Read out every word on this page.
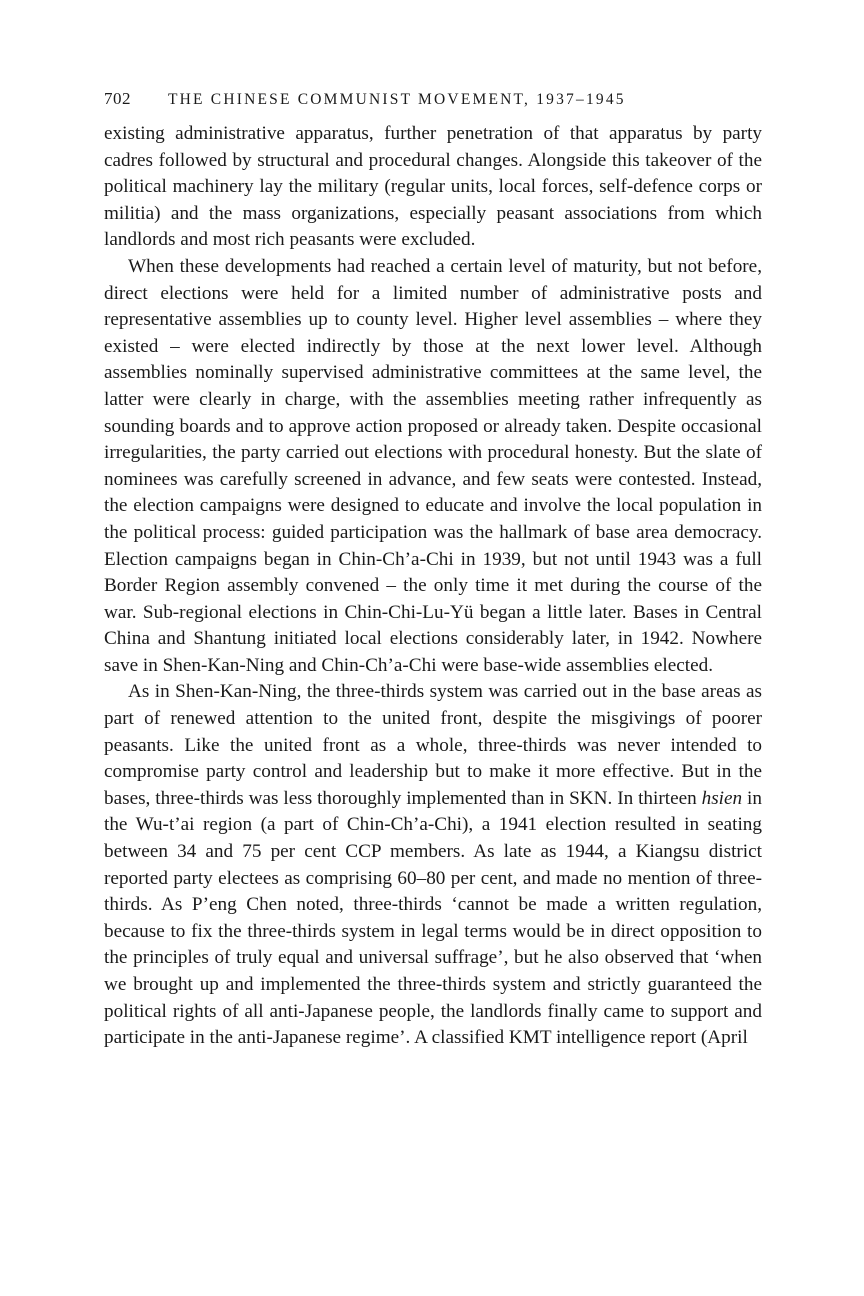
702	THE CHINESE COMMUNIST MOVEMENT, 1937–1945

existing administrative apparatus, further penetration of that apparatus by party cadres followed by structural and procedural changes. Alongside this takeover of the political machinery lay the military (regular units, local forces, self-defence corps or militia) and the mass organizations, especially peasant associations from which landlords and most rich peasants were excluded.

When these developments had reached a certain level of maturity, but not before, direct elections were held for a limited number of administrative posts and representative assemblies up to county level. Higher level assemblies – where they existed – were elected indirectly by those at the next lower level. Although assemblies nominally supervised administrative committees at the same level, the latter were clearly in charge, with the assemblies meeting rather infrequently as sounding boards and to approve action proposed or already taken. Despite occasional irregularities, the party carried out elections with procedural honesty. But the slate of nominees was carefully screened in advance, and few seats were contested. Instead, the election campaigns were designed to educate and involve the local population in the political process: guided participation was the hallmark of base area democracy. Election campaigns began in Chin-Ch’a-Chi in 1939, but not until 1943 was a full Border Region assembly convened – the only time it met during the course of the war. Sub-regional elections in Chin-Chi-Lu-Yü began a little later. Bases in Central China and Shantung initiated local elections considerably later, in 1942. Nowhere save in Shen-Kan-Ning and Chin-Ch’a-Chi were base-wide assemblies elected.

As in Shen-Kan-Ning, the three-thirds system was carried out in the base areas as part of renewed attention to the united front, despite the misgivings of poorer peasants. Like the united front as a whole, three-thirds was never intended to compromise party control and leadership but to make it more effective. But in the bases, three-thirds was less thoroughly implemented than in SKN. In thirteen hsien in the Wu-t’ai region (a part of Chin-Ch’a-Chi), a 1941 election resulted in seating between 34 and 75 per cent CCP members. As late as 1944, a Kiangsu district reported party electees as comprising 60–80 per cent, and made no mention of three-thirds. As P’eng Chen noted, three-thirds ‘cannot be made a written regulation, because to fix the three-thirds system in legal terms would be in direct opposition to the principles of truly equal and universal suffrage’, but he also observed that ‘when we brought up and implemented the three-thirds system and strictly guaranteed the political rights of all anti-Japanese people, the landlords finally came to support and participate in the anti-Japanese regime’. A classified KMT intelligence report (April
